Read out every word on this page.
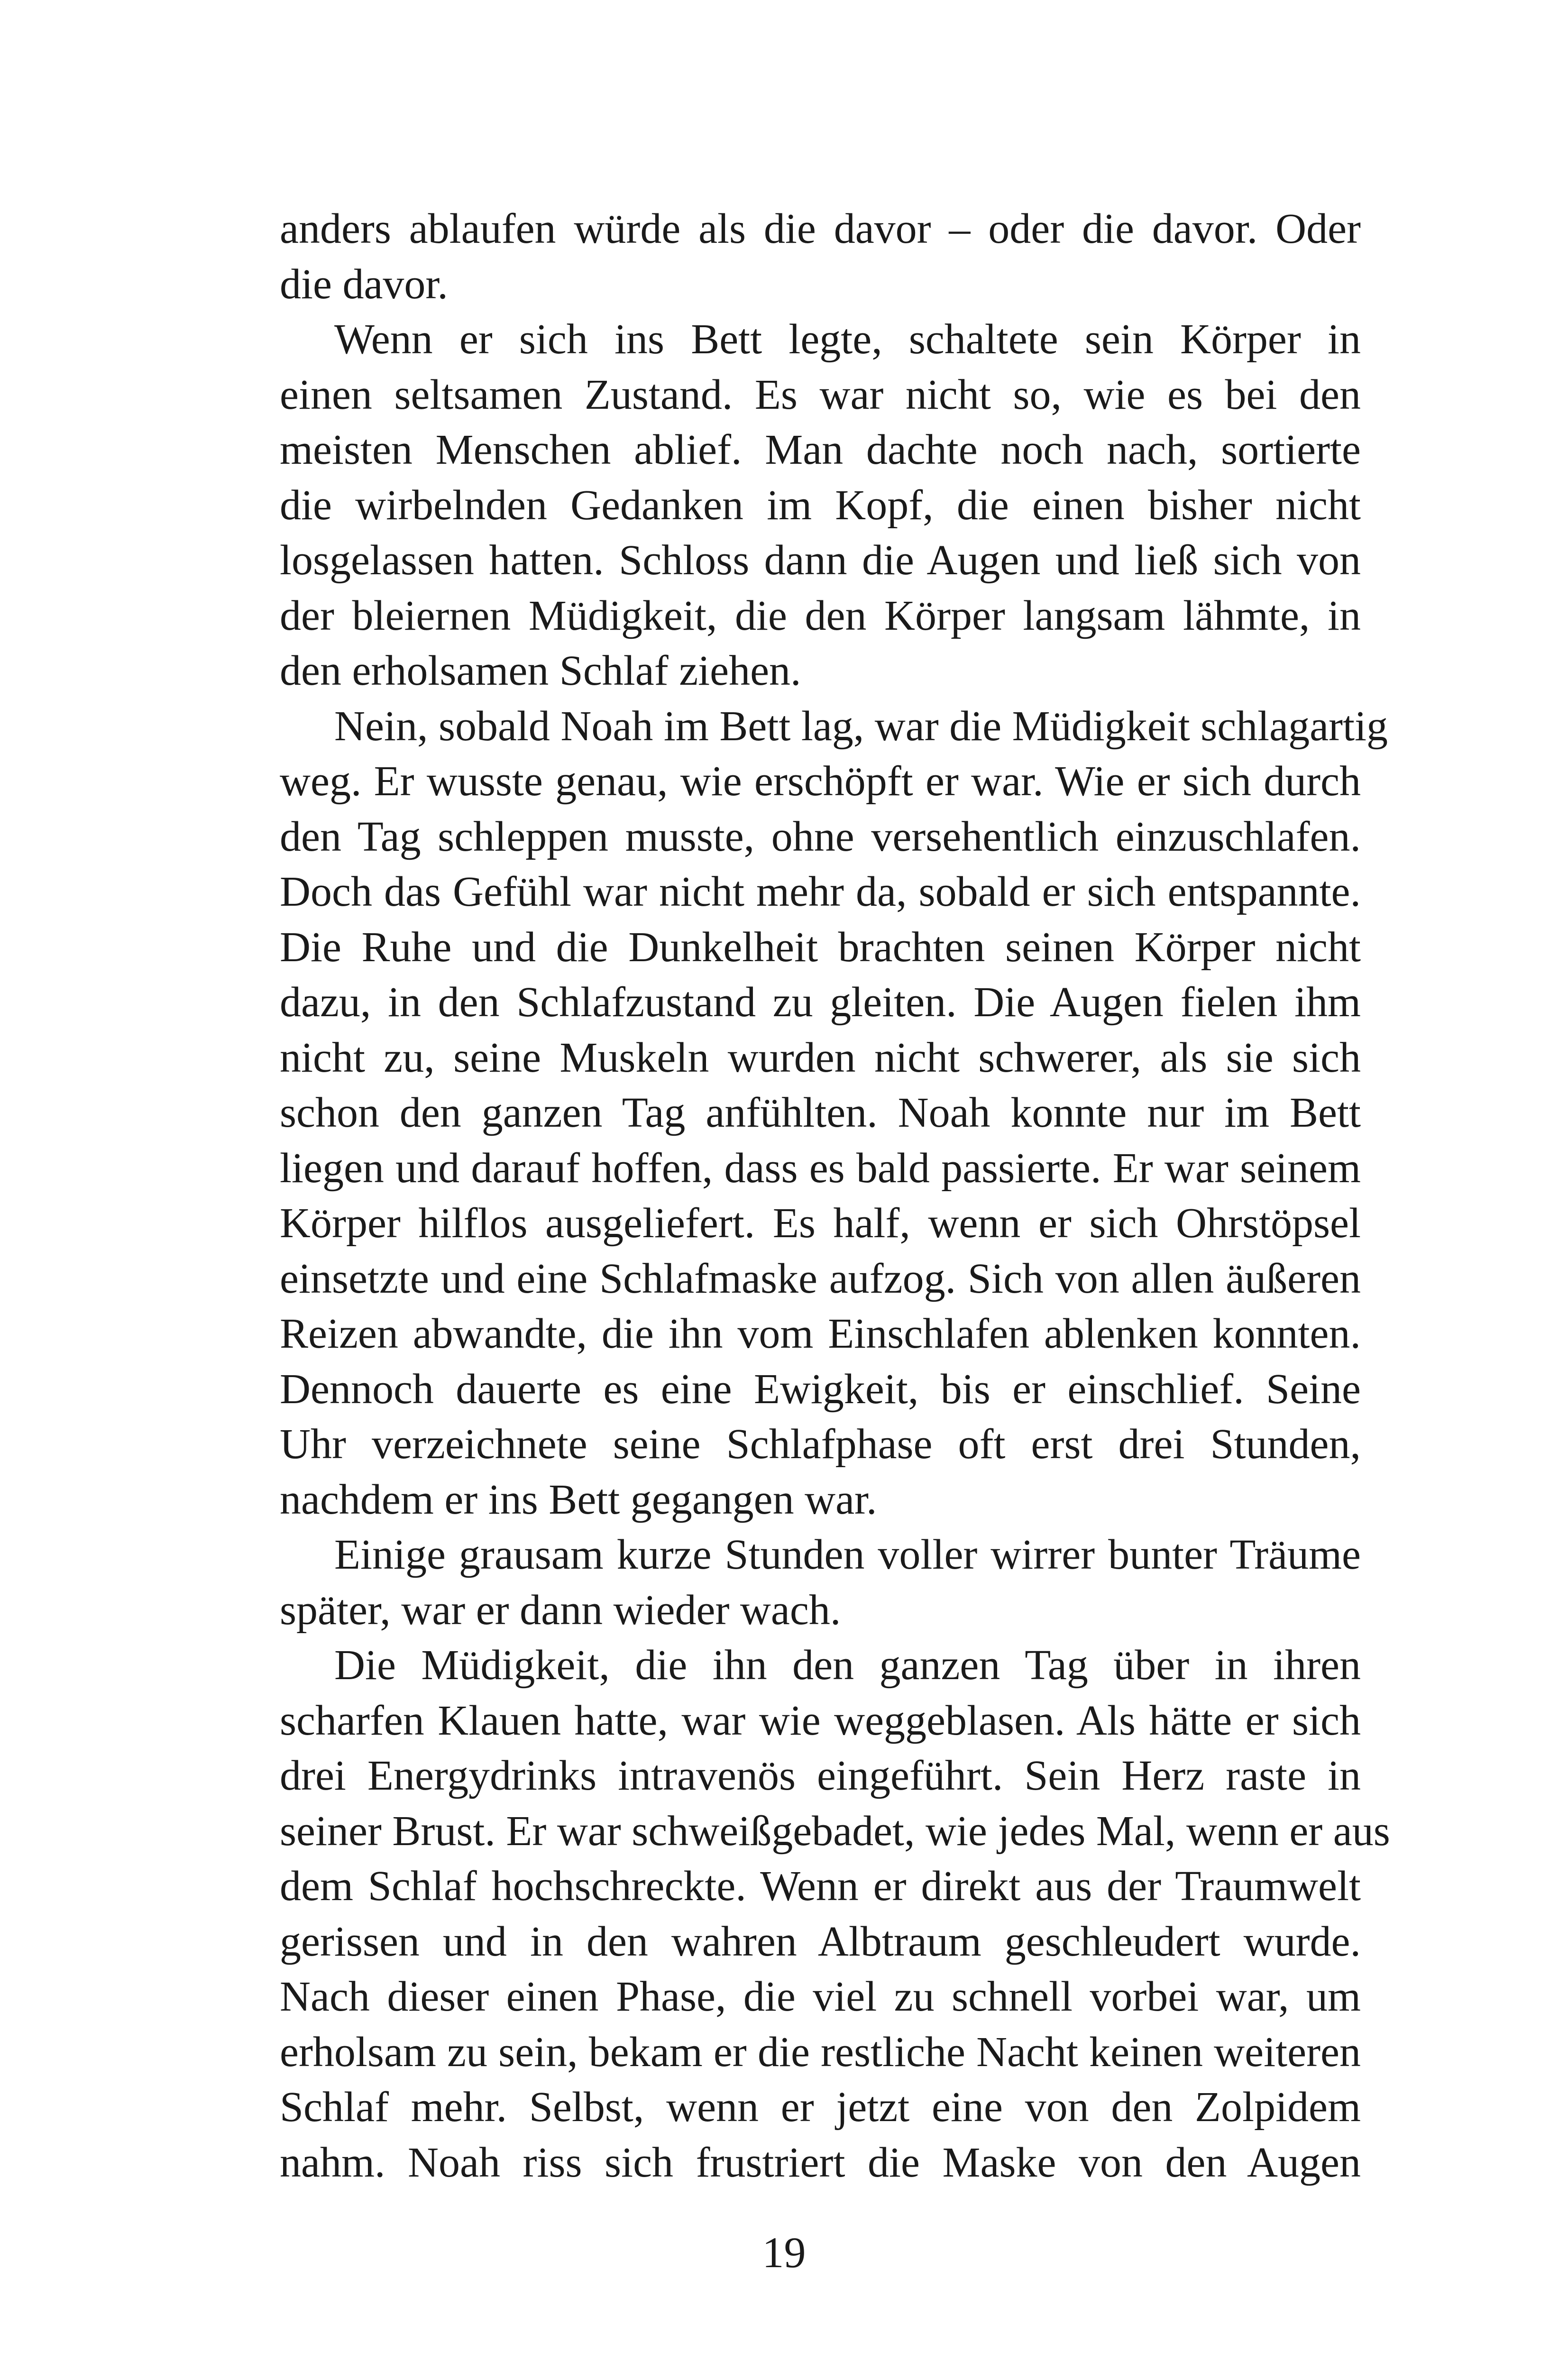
anders ablaufen würde als die davor – oder die davor. Oder
die davor.
Wenn er sich ins Bett legte, schaltete sein Körper in
einen seltsamen Zustand. Es war nicht so, wie es bei den
meisten Menschen ablief. Man dachte noch nach, sortierte
die wirbelnden Gedanken im Kopf, die einen bisher nicht
losgelassen hatten. Schloss dann die Augen und ließ sich von
der bleiernen Müdigkeit, die den Körper langsam lähmte, in
den erholsamen Schlaf ziehen.
Nein, sobald Noah im Bett lag, war die Müdigkeit schlagartig
weg. Er wusste genau, wie erschöpft er war. Wie er sich durch
den Tag schleppen musste, ohne versehentlich einzuschlafen.
Doch das Gefühl war nicht mehr da, sobald er sich entspannte.
Die Ruhe und die Dunkelheit brachten seinen Körper nicht
dazu, in den Schlafzustand zu gleiten. Die Augen fielen ihm
nicht zu, seine Muskeln wurden nicht schwerer, als sie sich
schon den ganzen Tag anfühlten. Noah konnte nur im Bett
liegen und darauf hoffen, dass es bald passierte. Er war seinem
Körper hilflos ausgeliefert. Es half, wenn er sich Ohrstöpsel
einsetzte und eine Schlafmaske aufzog. Sich von allen äußeren
Reizen abwandte, die ihn vom Einschlafen ablenken konnten.
Dennoch dauerte es eine Ewigkeit, bis er einschlief. Seine
Uhr verzeichnete seine Schlafphase oft erst drei Stunden,
nachdem er ins Bett gegangen war.
Einige grausam kurze Stunden voller wirrer bunter Träume
später, war er dann wieder wach.
Die Müdigkeit, die ihn den ganzen Tag über in ihren
scharfen Klauen hatte, war wie weggeblasen. Als hätte er sich
drei Energydrinks intravenös eingeführt. Sein Herz raste in
seiner Brust. Er war schweißgebadet, wie jedes Mal, wenn er aus
dem Schlaf hochschreckte. Wenn er direkt aus der Traumwelt
gerissen und in den wahren Albtraum geschleudert wurde.
Nach dieser einen Phase, die viel zu schnell vorbei war, um
erholsam zu sein, bekam er die restliche Nacht keinen weiteren
Schlaf mehr. Selbst, wenn er jetzt eine von den Zolpidem
nahm. Noah riss sich frustriert die Maske von den Augen
19
